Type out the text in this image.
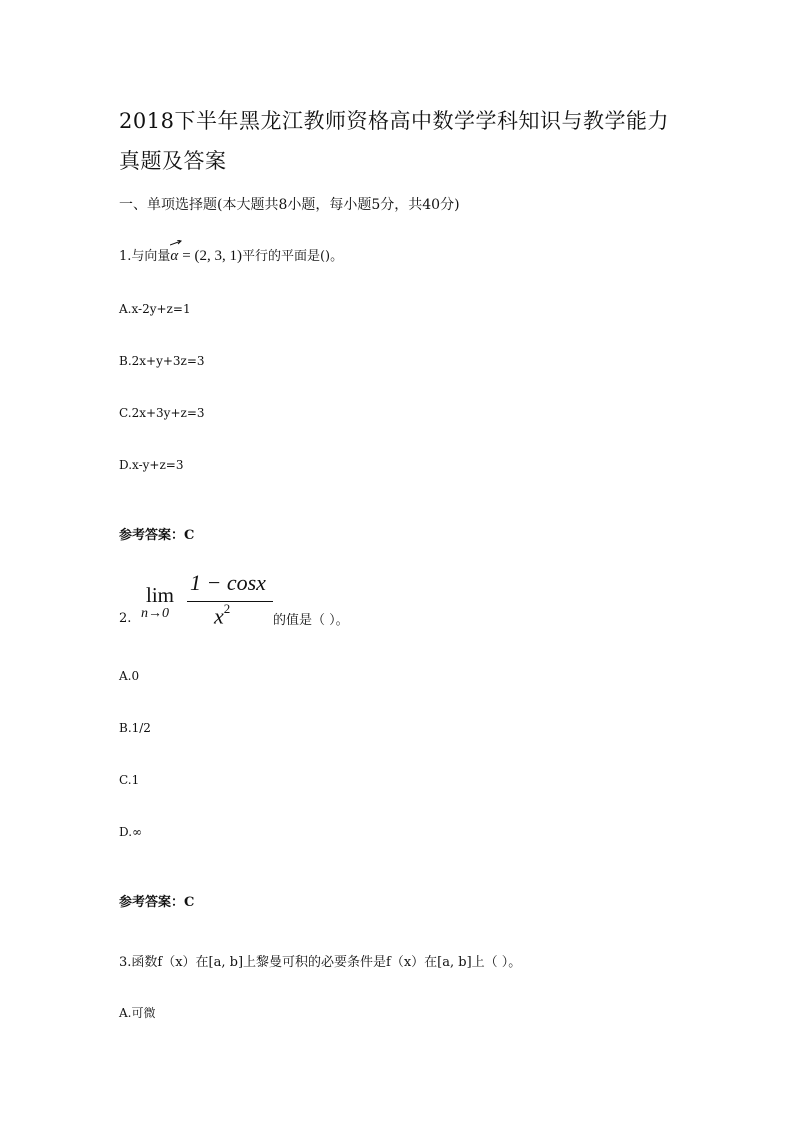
2018下半年黑龙江教师资格高中数学学科知识与教学能力
真题及答案
一、单项选择题(本大题共8小题，每小题5分，共40分)
1.与向量
α = (2, 3, 1)平行的平面是()。
A.x-2y+z=1
B.2x+y+3z=3
C.2x+3y+z=3
D.x-y+z=3
参考答案：C
2.
lim
n→0
1 − cosx
$x^2$
的值是（ ）。
A.0
B.1/2
C.1
D.∞
参考答案：C
3.函数f（x）在[a, b]上黎曼可积的必要条件是f（x）在[a, b]上（ ）。
A.可微
